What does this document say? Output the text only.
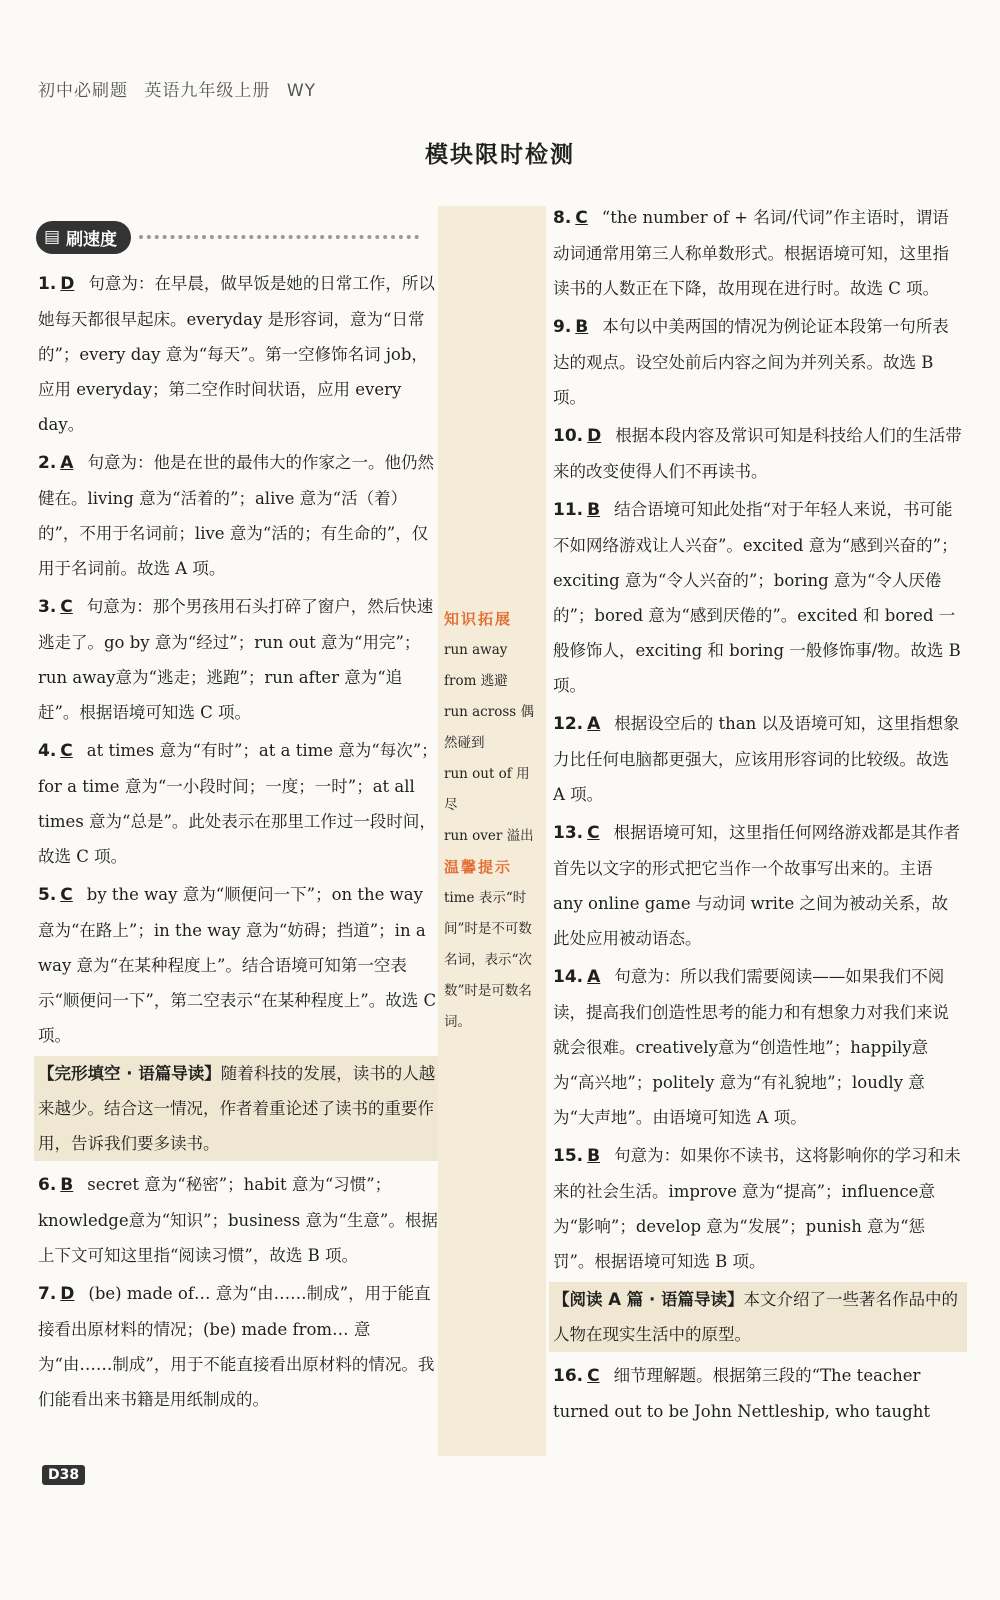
初中必刷题 英语九年级上册 WY
模块限时检测
▤ 刷速度
1. D 句意为：在早晨，做早饭是她的日常工作，所以她每天都很早起床。everyday 是形容词，意为“日常的”；every day 意为“每天”。第一空修饰名词 job，应用 everyday；第二空作时间状语，应用 every day。
2. A 句意为：他是在世的最伟大的作家之一。他仍然健在。living 意为“活着的”；alive 意为“活（着）的”，不用于名词前；live 意为“活的；有生命的”，仅用于名词前。故选 A 项。
3. C 句意为：那个男孩用石头打碎了窗户，然后快速逃走了。go by 意为“经过”；run out 意为“用完”；run away意为“逃走；逃跑”；run after 意为“追赶”。根据语境可知选 C 项。
4. C at times 意为“有时”；at a time 意为“每次”；for a time 意为“一小段时间；一度；一时”；at all times 意为“总是”。此处表示在那里工作过一段时间，故选 C 项。
5. C by the way 意为“顺便问一下”；on the way 意为“在路上”；in the way 意为“妨碍；挡道”；in a way 意为“在某种程度上”。结合语境可知第一空表示“顺便问一下”，第二空表示“在某种程度上”。故选 C 项。
【完形填空 · 语篇导读】随着科技的发展，读书的人越来越少。结合这一情况，作者着重论述了读书的重要作用，告诉我们要多读书。
6. B secret 意为“秘密”；habit 意为“习惯”；knowledge意为“知识”；business 意为“生意”。根据上下文可知这里指“阅读习惯”，故选 B 项。
7. D (be) made of… 意为“由……制成”，用于能直接看出原材料的情况；(be) made from… 意为“由……制成”，用于不能直接看出原材料的情况。我们能看出来书籍是用纸制成的。
知识拓展
run away from 逃避
run across 偶然碰到
run out of 用尽
run over 溢出
温馨提示
time 表示“时间”时是不可数名词，表示“次数”时是可数名词。
8. C “the number of + 名词/代词”作主语时，谓语动词通常用第三人称单数形式。根据语境可知，这里指读书的人数正在下降，故用现在进行时。故选 C 项。
9. B 本句以中美两国的情况为例论证本段第一句所表达的观点。设空处前后内容之间为并列关系。故选 B 项。
10. D 根据本段内容及常识可知是科技给人们的生活带来的改变使得人们不再读书。
11. B 结合语境可知此处指“对于年轻人来说，书可能不如网络游戏让人兴奋”。excited 意为“感到兴奋的”；exciting 意为“令人兴奋的”；boring 意为“令人厌倦的”；bored 意为“感到厌倦的”。excited 和 bored 一般修饰人，exciting 和 boring 一般修饰事/物。故选 B 项。
12. A 根据设空后的 than 以及语境可知，这里指想象力比任何电脑都更强大，应该用形容词的比较级。故选 A 项。
13. C 根据语境可知，这里指任何网络游戏都是其作者首先以文字的形式把它当作一个故事写出来的。主语 any online game 与动词 write 之间为被动关系，故此处应用被动语态。
14. A 句意为：所以我们需要阅读——如果我们不阅读，提高我们创造性思考的能力和有想象力对我们来说就会很难。creatively意为“创造性地”；happily意为“高兴地”；politely 意为“有礼貌地”；loudly 意为“大声地”。由语境可知选 A 项。
15. B 句意为：如果你不读书，这将影响你的学习和未来的社会生活。improve 意为“提高”；influence意为“影响”；develop 意为“发展”；punish 意为“惩罚”。根据语境可知选 B 项。
【阅读 A 篇 · 语篇导读】本文介绍了一些著名作品中的人物在现实生活中的原型。
16. C 细节理解题。根据第三段的“The teacher turned out to be John Nettleship, who taught
D38
